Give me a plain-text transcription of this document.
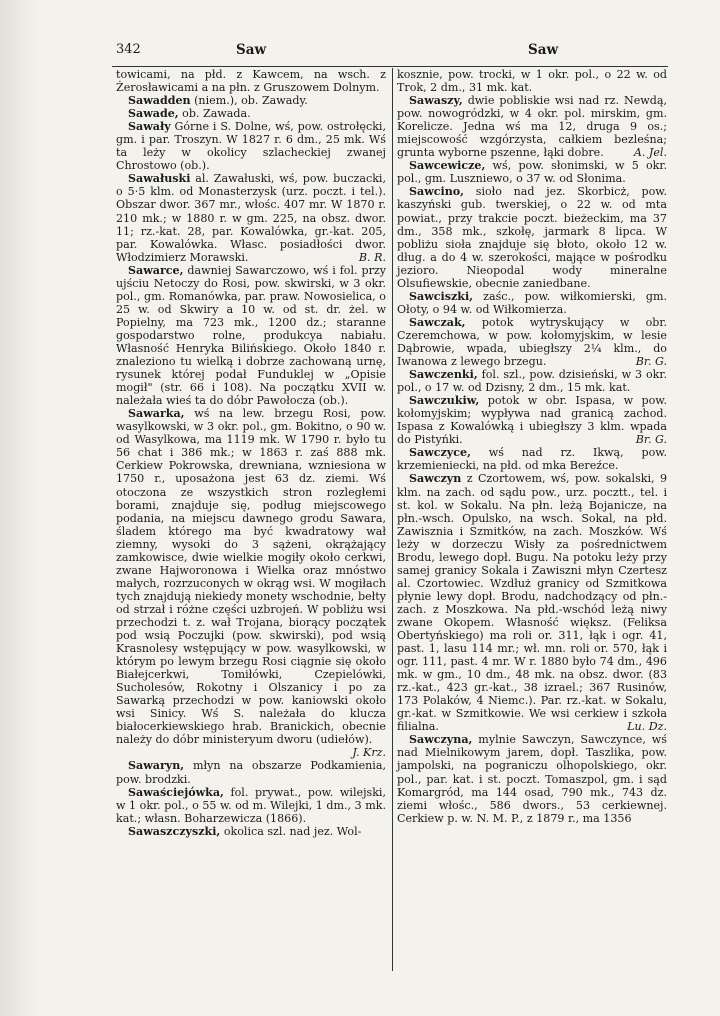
342	Saw	Saw

towicami, na płd. z Kawcem, na wsch. z Żerosławicami a na płn. z Gruszowem Dolnym.

Sawadden (niem.), ob. Zawady.

Sawade, ob. Zawada.

Sawały Górne i S. Dolne, wś, pow. ostrołęcki, gm. i par. Troszyn. W 1827 r. 6 dm., 25 mk. Wś ta leży w okolicy szlacheckiej zwanej Chrostowo (ob.).

Sawałuski al. Zawałuski, wś, pow. buczacki, o 5·5 klm. od Monasterzysk (urz. poczt. i tel.). Obszar dwor. 367 mr., włośc. 407 mr. W 1870 r. 210 mk.; w 1880 r. w gm. 225, na obsz. dwor. 11; rz.-kat. 28, par. Kowalówka, gr.-kat. 205, par. Kowalówka. Własc. posiadłości dwor. Włodzimierz Morawski.	B. R.

Sawarce, dawniej Sawarczowo, wś i fol. przy ujściu Netoczy do Rosi, pow. skwirski, w 3 okr. pol., gm. Romanówka, par. praw. Nowosielica, o 25 w. od Skwiry a 10 w. od st. dr. żel. w Popielny, ma 723 mk., 1200 dz.; staranne gospodarstwo rolne, produkcya nabiału. Własność Henryka Bilińskiego. Około 1840 r. znaleziono tu wielką i dobrze zachowaną urnę, rysunek której podał Funduklej w „Opisie mogił" (str. 66 i 108). Na początku XVII w. należała wieś ta do dóbr Pawołocza (ob.).

Sawarka, wś na lew. brzegu Rosi, pow. wasylkowski, w 3 okr. pol., gm. Bokitno, o 90 w. od Wasylkowa, ma 1119 mk. W 1790 r. było tu 56 chat i 386 mk.; w 1863 r. zaś 888 mk. Cerkiew Pokrowska, drewniana, wzniesiona w 1750 r., uposażona jest 63 dz. ziemi. Wś otoczona ze wszystkich stron rozległemi borami, znajduje się, podług miejscowego podania, na miejscu dawnego grodu Sawara, śladem którego ma być kwadratowy wał ziemny, wysoki do 3 sążeni, okrążający zamkowisce, dwie wielkie mogiły około cerkwi, zwane Hajworonowa i Wielka oraz mnóstwo małych, rozrzuconych w okrąg wsi. W mogiłach tych znajdują niekiedy monety wschodnie, bełty od strzał i różne części uzbrojeń. W pobliżu wsi przechodzi t. z. wał Trojana, biorący początek pod wsią Poczujki (pow. skwirski), pod wsią Krasnolesy wstępujący w pow. wasylkowski, w którym po lewym brzegu Rosi ciągnie się około Białejcerkwi, Tomiłówki, Czepielówki, Sucholesów, Rokotny i Olszanicy i po za Sawarką przechodzi w pow. kaniowski około wsi Sinicy. Wś S. należała do klucza białocerkiewskiego hrab. Branickich, obecnie należy do dóbr ministeryum dworu (udiełów).
J. Krz.

Sawaryn, młyn na obszarze Podkamienia, pow. brodzki.

Sawaściejówka, fol. prywat., pow. wilejski, w 1 okr. pol., o 55 w. od m. Wilejki, 1 dm., 3 mk. kat.; własn. Boharzewicza (1866).

Sawaszczyszki, okolica szl. nad jez. Wol-

kosznie, pow. trocki, w 1 okr. pol., o 22 w. od Trok, 2 dm., 31 mk. kat.

Sawaszy, dwie pobliskie wsi nad rz. Newdą, pow. nowogródzki, w 4 okr. pol. mirskim, gm. Korelicze. Jedna wś ma 12, druga 9 os.; miejscowość wzgórzysta, całkiem bezleśna; grunta wyborne pszenne, łąki dobre.	A. Jel.

Sawcewicze, wś, pow. słonimski, w 5 okr. pol., gm. Luszniewo, o 37 w. od Słonima.

Sawcino, sioło nad jez. Skorbicż, pow. kaszyński gub. twerskiej, o 22 w. od mta powiat., przy trakcie poczt. bieżeckim, ma 37 dm., 358 mk., szkołę, jarmark 8 lipca. W pobliżu sioła znajduje się błoto, około 12 w. dług. a do 4 w. szerokości, mające w pośrodku jezioro. Nieopodal wody mineralne Olsufiewskie, obecnie zaniedbane.

Sawciszki, zaśc., pow. wiłkomierski, gm. Ołoty, o 94 w. od Wiłkomierza.

Sawczak, potok wytryskujący w obr. Czeremchowa, w pow. kołomyjskim, w lesie Dąbrowie, wpada, ubiegłszy 2¼ klm., do Iwanowa z lewego brzegu.	Br. G.

Sawczenki, fol. szl., pow. dzisieński, w 3 okr. pol., o 17 w. od Dzisny, 2 dm., 15 mk. kat.

Sawczukiw, potok w obr. Ispasa, w pow. kołomyjskim; wypływa nad granicą zachod. Ispasa z Kowalówką i ubiegłszy 3 klm. wpada do Pistyńki.	Br. G.

Sawczyce, wś nad rz. Ikwą, pow. krzemieniecki, na płd. od mka Bereźce.

Sawczyn z Czortowem, wś, pow. sokalski, 9 klm. na zach. od sądu pow., urz. pocztt., tel. i st. kol. w Sokalu. Na płn. leżą Bojanicze, na płn.-wsch. Opulsko, na wsch. Sokal, na płd. Zawisznia i Szmitków, na zach. Moszków. Wś leży w dorzeczu Wisły za pośrednictwem Brodu, lewego dopł. Bugu. Na potoku leży przy samej granicy Sokala i Zawiszni młyn Czertesz al. Czortowiec. Wzdłuż granicy od Szmitkowa płynie lewy dopł. Brodu, nadchodzący od płn.-zach. z Moszkowa. Na płd.-wschód leżą niwy zwane Okopem. Własność większ. (Feliksa Obertyńskiego) ma roli or. 311, łąk i ogr. 41, past. 1, lasu 114 mr.; wł. mn. roli or. 570, łąk i ogr. 111, past. 4 mr. W r. 1880 było 74 dm., 496 mk. w gm., 10 dm., 48 mk. na obsz. dwor. (83 rz.-kat., 423 gr.-kat., 38 izrael.; 367 Rusinów, 173 Polaków, 4 Niemc.). Par. rz.-kat. w Sokalu, gr.-kat. w Szmitkowie. We wsi cerkiew i szkoła filialna.	Lu. Dz.

Sawczyna, mylnie Sawczyn, Sawczynce, wś nad Mielnikowym jarem, dopł. Taszlika, pow. jampolski, na pograniczu olhopolskiego, okr. pol., par. kat. i st. poczt. Tomaszpol, gm. i sąd Komargród, ma 144 osad, 790 mk., 743 dz. ziemi włośc., 586 dwors., 53 cerkiewnej. Cerkiew p. w. N. M. P., z 1879 r., ma 1356
